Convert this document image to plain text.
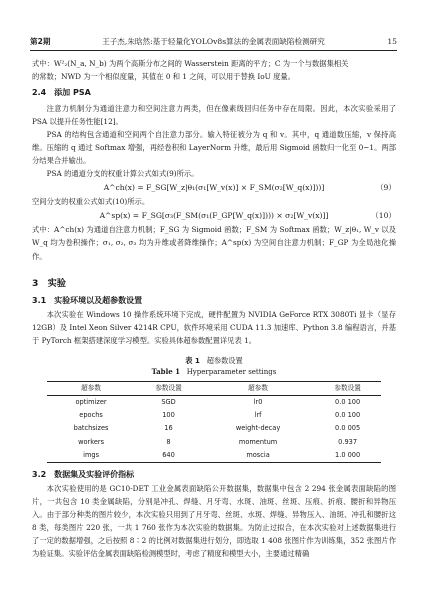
第2期	王子杰,朱晗然:基于轻量化YOLOv8s算法的金属表面缺陷检测研究	15

式中：W²₂(N_a, N_b) 为两个高斯分布之间的 Wasserstein 距离的平方；C 为一个与数据集相关

的常数；NWD 为一个相似度量，其值在 0 和 1 之间，可以用于替换 IoU 度量。

2.4　添加 PSA

注意力机制分为通道注意力和空间注意力两类，但在像素级回归任务中存在局限。因此，本次实验采用了 PSA 以提升任务性能[12]。

PSA 的结构包含通道和空间两个自注意力部分。输入特征被分为 q 和 v。其中，q 通道数压缩，v 保持高维。压缩的 q 通过 Softmax 增强，再经卷积和 LayerNorm 升维，最后用 Sigmoid 函数归一化至 0~1。两部分结果合并输出。

PSA 的通道分支的权重计算公式如式(9)所示。

A^ch(x) = F_SG[W_z|θ₁(σ₁[W_v(x)] × F_SM(σ₂[W_q(x)]))]	（9）

空间分支的权重公式如式(10)所示。

A^sp(x) = F_SG[σ₃(F_SM(σ₁(F_GP[W_q(x)]))) × σ₂[W_v(x)]]	（10）

式中：A^ch(x) 为通道自注意力机制；F_SG 为 Sigmoid 函数；F_SM 为 Softmax 函数；W_z|θ₁, W_v 以及 W_q 均为卷积操作；σ₁, σ₂, σ₃ 均为升维或者降维操作；A^sp(x) 为空间自注意力机制；F_GP 为全局池化操作。

3　实验
3.1　实验环境以及超参数设置

本次实验在 Windows 10 操作系统环境下完成，硬件配置为 NVIDIA GeForce RTX 3080Ti 显卡（显存 12GB）及 Intel Xeon Silver 4214R CPU，软件环境采用 CUDA 11.3 加速库、Python 3.8 编程语言，并基于 PyTorch 框架搭建深度学习模型。实验具体超参数配置详见表 1。

表 1 超参数设置
Table 1 Hyperparameter settings
超参数	参数设置	超参数	参数设置
optimizer	SGD	lr0	0.0 100
epochs	100	lrf	0.0 100
batchsizes	16	weight-decay	0.0 005
workers	8	momentum	0.937
imgs	640	moscia	1.0 000
3.2　数据集及实验评价指标

本次实验使用的是 GC10-DET 工业金属表面缺陷公开数据集，数据集中包含 2 294 张金属表面缺陷的图片，一共包含 10 类金属缺陷，分别是冲孔、焊缝、月牙弯、水斑、油斑、丝斑、压痕、折痕、腰折和异物压入。由于部分种类的图片较少，本次实验只用到了月牙弯、丝斑、水斑、焊缝、异物压入、油斑、冲孔和腰折这 8 类，每类图片 220 张，一共 1 760 张作为本次实验的数据集。为防止过拟合，在本次实验对上述数据集进行了一定的数据增强，之后按照 8∶2 的比例对数据集进行划分，即选取 1 408 张图片作为训练集，352 张图片作为验证集。实验评估金属表面缺陷检测模型时，考虑了精度和模型大小，主要通过精确
